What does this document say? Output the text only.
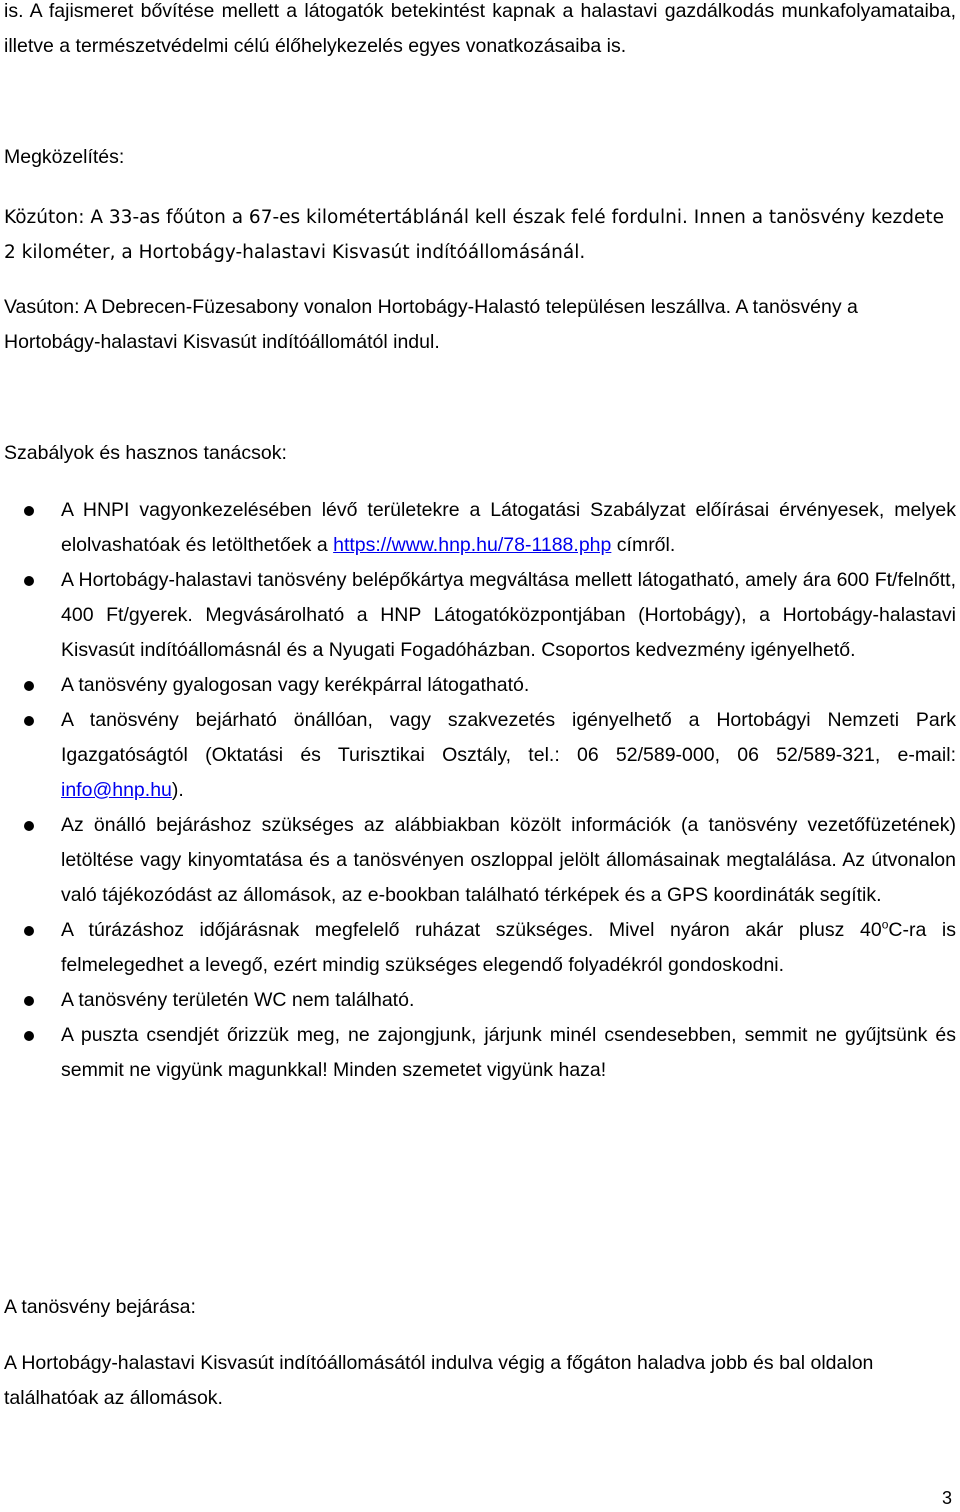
is. A fajismeret bővítése mellett a látogatók betekintést kapnak a halastavi gazdálkodás munkafolyamataiba, illetve a természetvédelmi célú élőhelykezelés egyes vonatkozásaiba is.

Megközelítés:

Közúton: A 33-as főúton a 67-es kilométertáblánál kell észak felé fordulni. Innen a tanösvény kezdete 2 kilométer, a Hortobágy-halastavi Kisvasút indítóállomásánál.

Vasúton: A Debrecen-Füzesabony vonalon Hortobágy-Halastó településen leszállva. A tanösvény a Hortobágy-halastavi Kisvasút indítóállomától indul.

Szabályok és hasznos tanácsok:

A HNPI vagyonkezelésében lévő területekre a Látogatási Szabályzat előírásai érvényesek, melyek elolvashatóak és letölthetőek a https://www.hnp.hu/78-1188.php címről.
A Hortobágy-halastavi tanösvény belépőkártya megváltása mellett látogatható, amely ára 600 Ft/felnőtt, 400 Ft/gyerek. Megvásárolható a HNP Látogatóközpontjában (Hortobágy), a Hortobágy-halastavi Kisvasút indítóállomásnál és a Nyugati Fogadóházban. Csoportos kedvezmény igényelhető.
A tanösvény gyalogosan vagy kerékpárral látogatható.
A tanösvény bejárható önállóan, vagy szakvezetés igényelhető a Hortobágyi Nemzeti Park Igazgatóságtól (Oktatási és Turisztikai Osztály, tel.: 06 52/589-000, 06 52/589-321, e-mail: info@hnp.hu).
Az önálló bejáráshoz szükséges az alábbiakban közölt információk (a tanösvény vezetőfüzetének) letöltése vagy kinyomtatása és a tanösvényen oszloppal jelölt állomásainak megtalálása. Az útvonalon való tájékozódást az állomások, az e-bookban található térképek és a GPS koordináták segítik.
A túrázáshoz időjárásnak megfelelő ruházat szükséges. Mivel nyáron akár plusz 40$^o$C-ra is felmelegedhet a levegő, ezért mindig szükséges elegendő folyadékról gondoskodni.
A tanösvény területén WC nem található.
A puszta csendjét őrizzük meg, ne zajongjunk, járjunk minél csendesebben, semmit ne gyűjtsünk és semmit ne vigyünk magunkkal! Minden szemetet vigyünk haza!

A tanösvény bejárása:

A Hortobágy-halastavi Kisvasút indítóállomásától indulva végig a főgáton haladva jobb és bal oldalon találhatóak az állomások.

3
